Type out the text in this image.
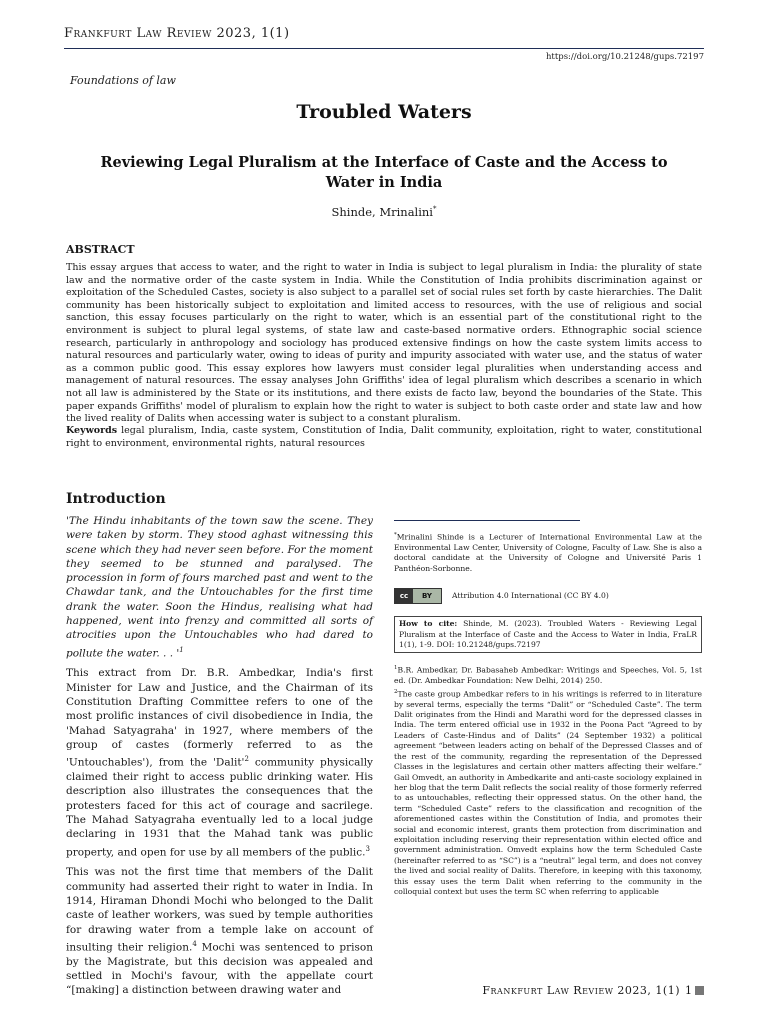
Frankfurt Law Review 2023, 1(1)
https://doi.org/10.21248/gups.72197
Foundations of law
Troubled Waters
Reviewing Legal Pluralism at the Interface of Caste and the Access to Water in India
Shinde, Mrinalini*
ABSTRACT
This essay argues that access to water, and the right to water in India is subject to legal pluralism in India: the plurality of state law and the normative order of the caste system in India. While the Constitution of India prohibits discrimination against or exploitation of the Scheduled Castes, society is also subject to a parallel set of social rules set forth by caste hierarchies. The Dalit community has been historically subject to exploitation and limited access to resources, with the use of religious and social sanction, this essay focuses particularly on the right to water, which is an essential part of the constitutional right to the environment is subject to plural legal systems, of state law and caste-based normative orders. Ethnographic social science research, particularly in anthropology and sociology has produced extensive findings on how the caste system limits access to natural resources and particularly water, owing to ideas of purity and impurity associated with water use, and the status of water as a common public good. This essay explores how lawyers must consider legal pluralities when understanding access and management of natural resources. The essay analyses John Griffiths' idea of legal pluralism which describes a scenario in which not all law is administered by the State or its institutions, and there exists de facto law, beyond the boundaries of the State. This paper expands Griffiths' model of pluralism to explain how the right to water is subject to both caste order and state law and how the lived reality of Dalits when accessing water is subject to a constant pluralism.
Keywords legal pluralism, India, caste system, Constitution of India, Dalit community, exploitation, right to water, constitutional right to environment, environmental rights, natural resources
Introduction

'The Hindu inhabitants of the town saw the scene. They were taken by storm. They stood aghast witnessing this scene which they had never seen before. For the moment they seemed to be stunned and paralysed. The procession in form of fours marched past and went to the Chawdar tank, and the Untouchables for the first time drank the water. Soon the Hindus, realising what had happened, went into frenzy and committed all sorts of atrocities upon the Untouchables who had dared to pollute the water. . . '$^1$

This extract from Dr. B.R. Ambedkar, India's first Minister for Law and Justice, and the Chairman of its Constitution Drafting Committee refers to one of the most prolific instances of civil disobedience in India, the 'Mahad Satyagraha' in 1927, where members of the group of castes (formerly referred to as the 'Untouchables'), from the '$Dalit'^2$ community physically claimed their right to access public drinking water. His description also illustrates the consequences that the protesters faced for this act of courage and sacrilege. The Mahad Satyagraha eventually led to a local judge declaring in 1931 that the Mahad tank was public property, and open for use by all members of the public.$^3$

This was not the first time that members of the Dalit community had asserted their right to water in India. In 1914, Hiraman Dhondi Mochi who belonged to the Dalit caste of leather workers, was sued by temple authorities for drawing water from a temple lake on account of insulting their religion.$^4$ Mochi was sentenced to prison by the Magistrate, but this decision was appealed and settled in Mochi's favour, with the appellate court “[making] a distinction between drawing water and

*Mrinalini Shinde is a Lecturer of International Environmental Law at the Environmental Law Center, University of Cologne, Faculty of Law. She is also a doctoral candidate at the University of Cologne and Université Paris 1 Panthéon-Sorbonne.

cc	BY	Attribution 4.0 International (CC BY 4.0)
How to cite: Shinde, M. (2023). Troubled Waters - Reviewing Legal Pluralism at the Interface of Caste and the Access to Water in India, FraLR 1(1), 1-9. DOI: 10.21248/gups.72197

$^1$B.R. Ambedkar, Dr. Babasaheb Ambedkar: Writings and Speeches, Vol. 5, 1st ed. (Dr. Ambedkar Foundation: New Delhi, 2014) 250.

$^2$The caste group Ambedkar refers to in his writings is referred to in literature by several terms, especially the terms “Dalit” or “Scheduled Caste”. The term Dalit originates from the Hindi and Marathi word for the depressed classes in India. The term entered official use in 1932 in the Poona Pact “Agreed to by Leaders of Caste-Hindus and of Dalits” (24 September 1932) a political agreement “between leaders acting on behalf of the Depressed Classes and of the rest of the community, regarding the representation of the Depressed Classes in the legislatures and certain other matters affecting their welfare.” Gail Omvedt, an authority in Ambedkarite and anti-caste sociology explained in her blog that the term Dalit reflects the social reality of those formerly referred to as untouchables, reflecting their oppressed status. On the other hand, the term “Scheduled Caste” refers to the classification and recognition of the aforementioned castes within the Constitution of India, and promotes their social and economic interest, grants them protection from discrimination and exploitation including reserving their representation within elected office and government administration. Omvedt explains how the term Scheduled Caste (hereinafter referred to as “SC”) is a “neutral” legal term, and does not convey the lived and social reality of Dalits. Therefore, in keeping with this taxonomy, this essay uses the term Dalit when referring to the community in the colloquial context but uses the term SC when referring to applicable

Frankfurt Law Review 2023, 1(1) 1
